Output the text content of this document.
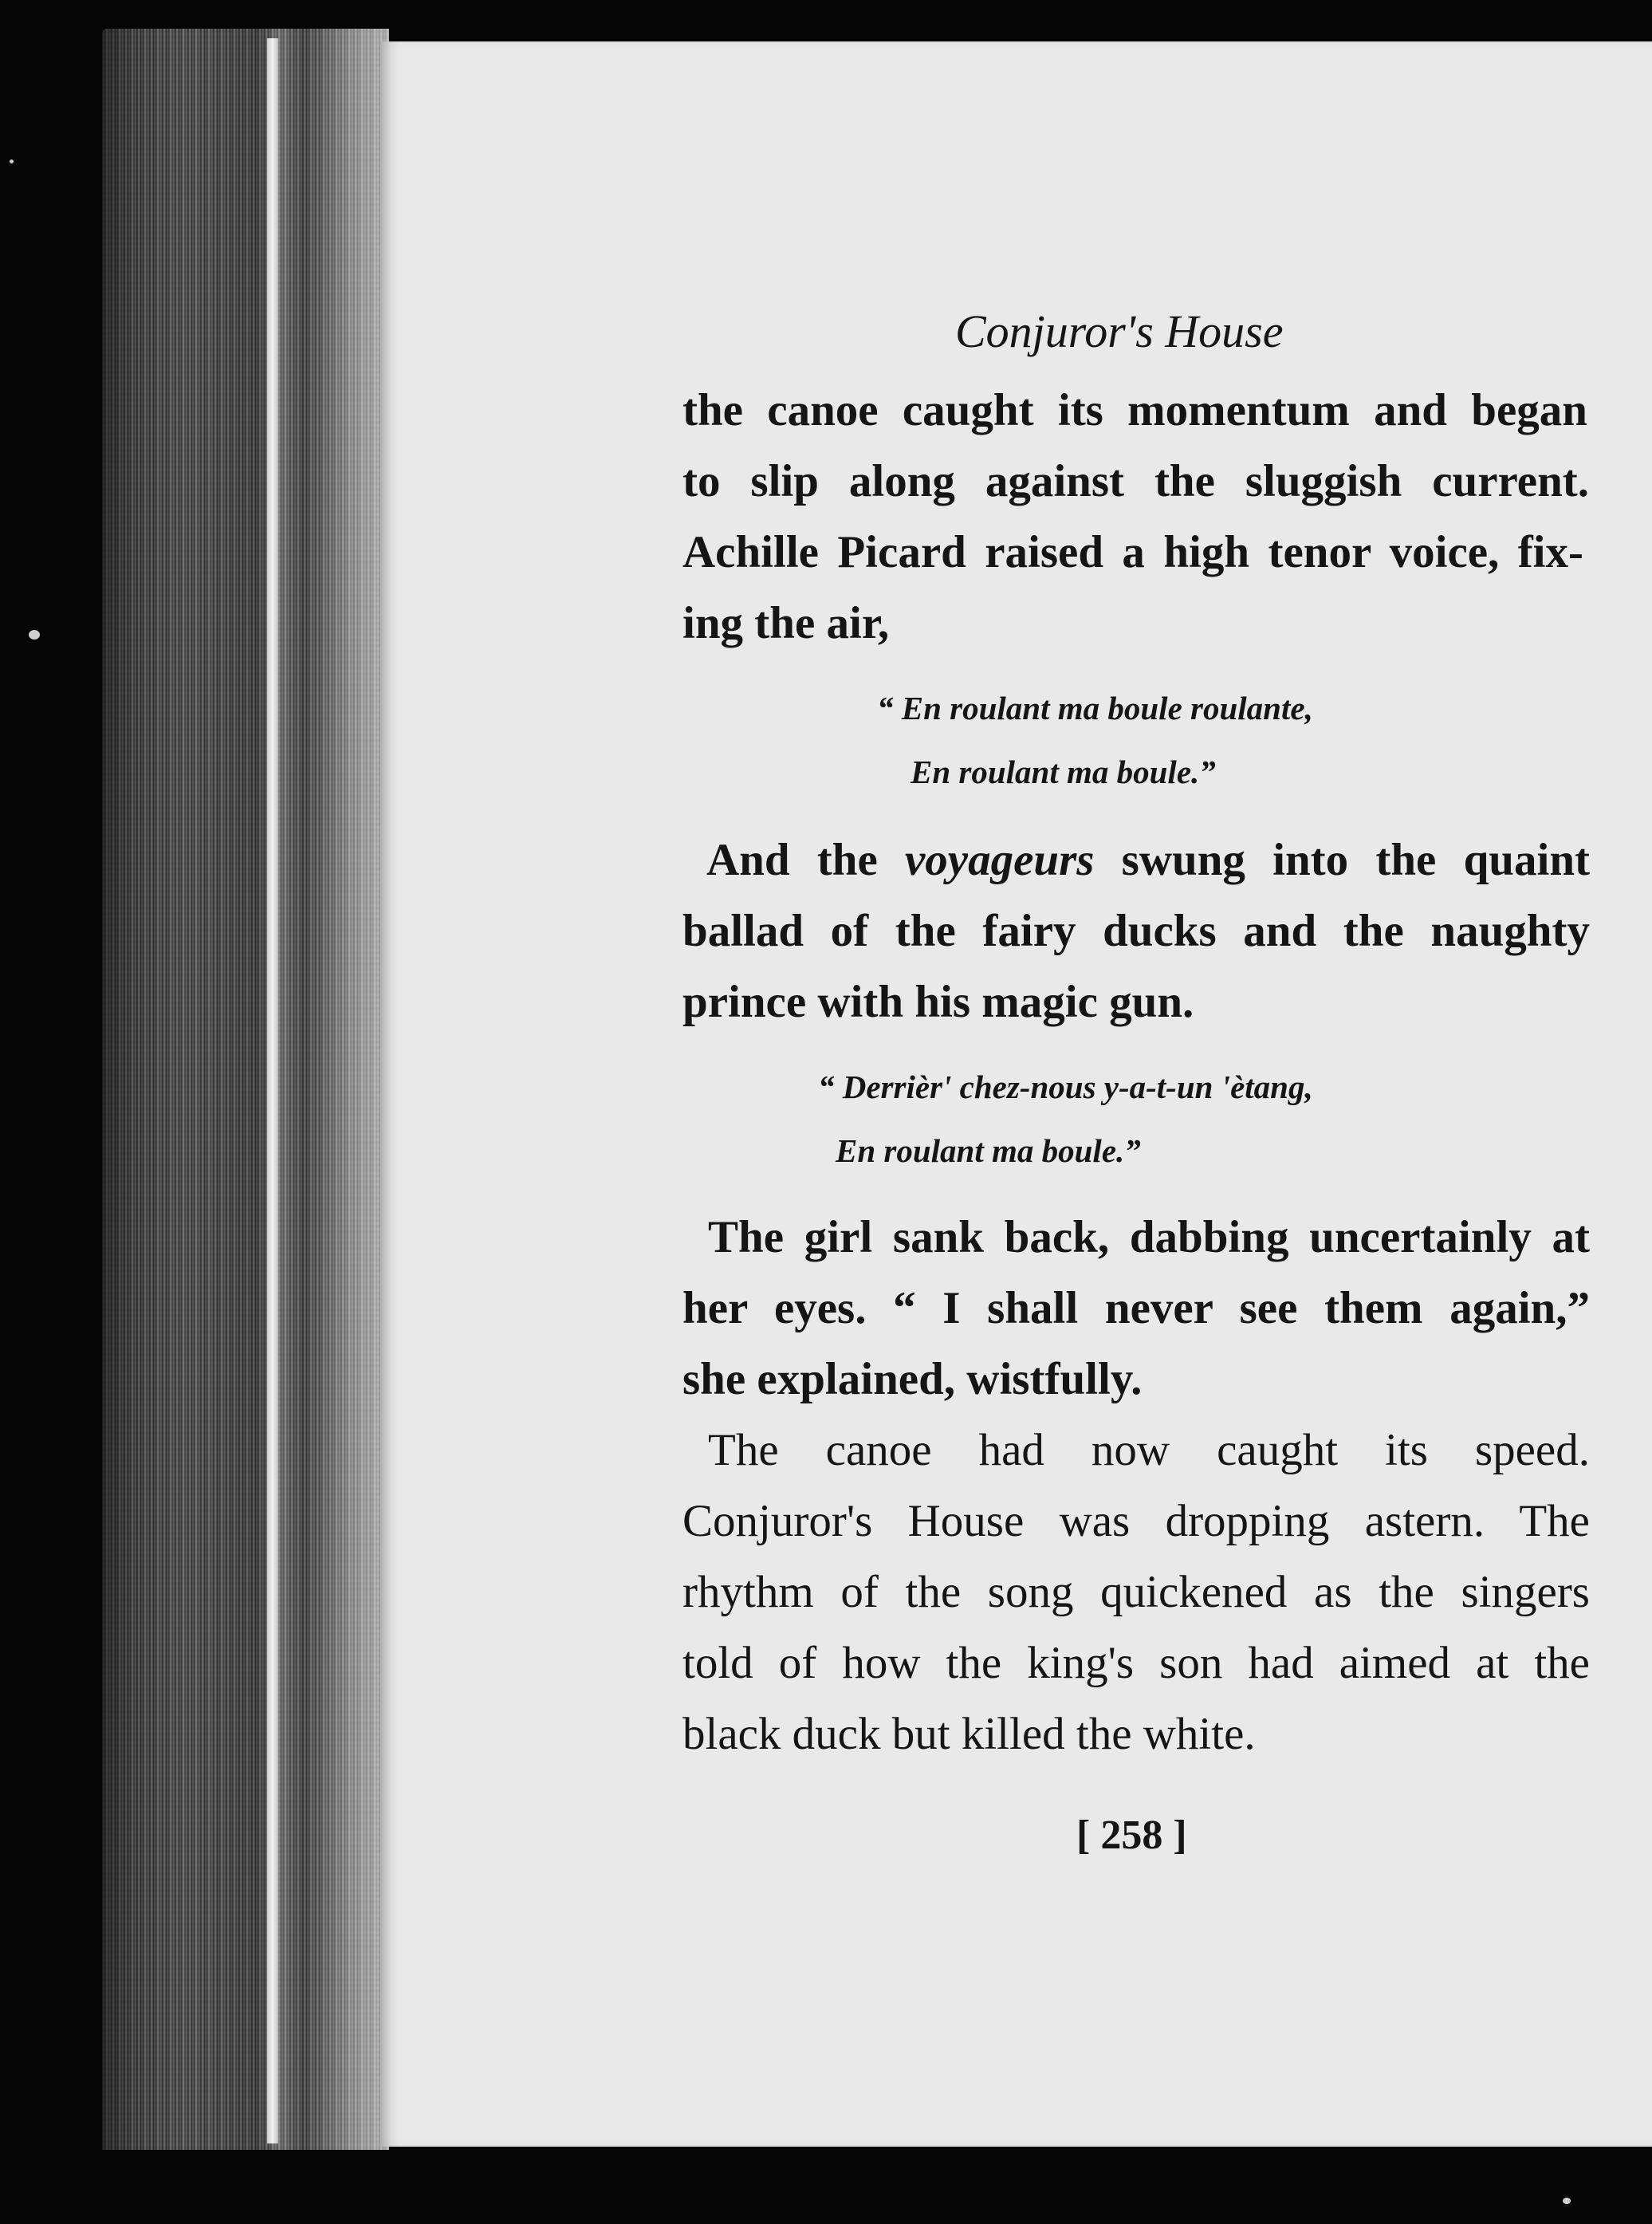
Conjuror's House
the canoe caught its momentum and began
to slip along against the sluggish current.
Achille Picard raised a high tenor voice, fix-
ing the air,
“ En roulant ma boule roulante,
En roulant ma boule.”
And the voyageurs swung into the quaint
ballad of the fairy ducks and the naughty
prince with his magic gun.
“ Derrièr' chez-nous y-a-t-un 'ètang,
En roulant ma boule.”
The girl sank back, dabbing uncertainly at
her eyes. “ I shall never see them again,”
she explained, wistfully.
The canoe had now caught its speed.
Conjuror's House was dropping astern. The
rhythm of the song quickened as the singers
told of how the king's son had aimed at the
black duck but killed the white.
[ 258 ]
